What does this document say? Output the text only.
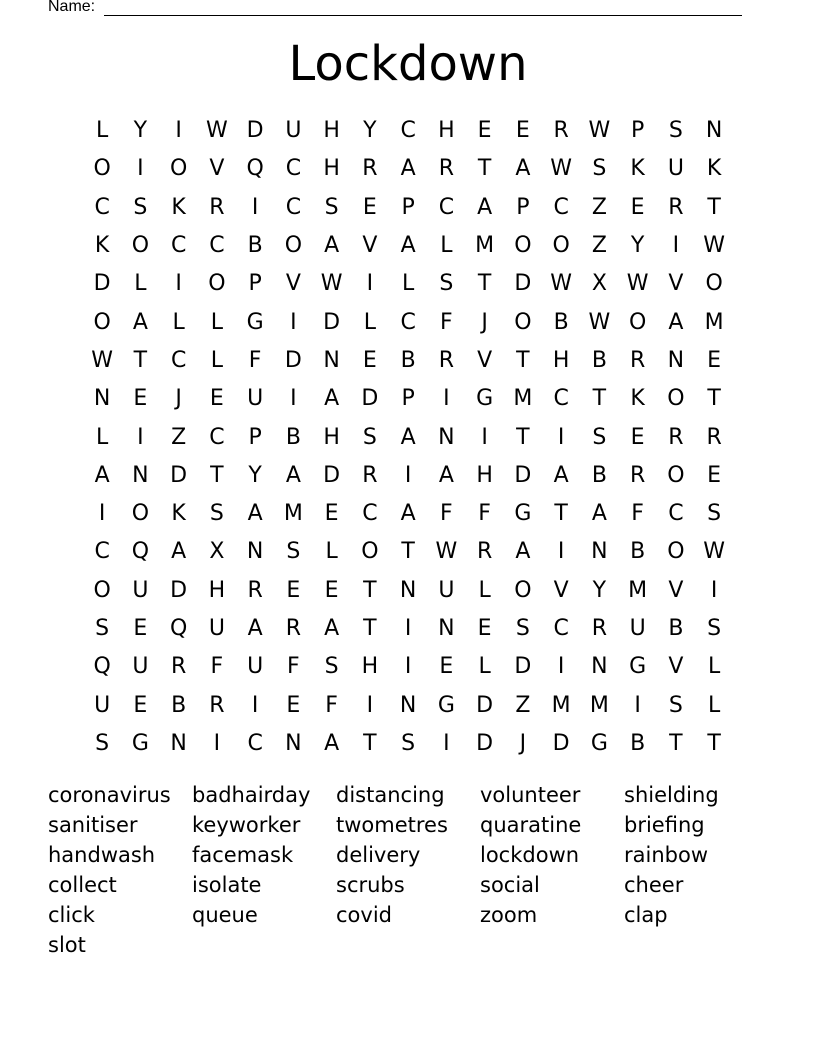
Name:
Lockdown
L	Y	I	W D U H	Y	C	H	E	E	R W P	S	N
O	I	O	V	Q C	H	R	A	R	T	A W S	K	U	K
C	S	K	R	I	C	S	E	P	C	A	P	C	Z	E	R	T
K	O C	C	B	O	A	V	A	L	M O O	Z	Y	I	W
D	L	I	O	P	V W	I	L	S	T	D W X W V	O
O	A	L	L	G	I	D	L	C	F	J	O	B W O	A M
W T	C	L	F	D N	E	B	R	V	T	H	B	R	N	E
N	E	J	E	U	I	A	D	P	I	G M C	T	K	O	T
L	I	Z	C	P	B	H	S	A	N	I	T	I	S	E	R	R
A	N D	T	Y	A	D	R	I	A	H D	A	B	R O	E
I	O	K	S	A M E	C	A	F	F	G	T	A	F	C	S
C Q	A	X	N	S	L	O	T W R	A	I	N	B	O W
O U D H	R	E	E	T	N U	L	O	V	Y	M V	I
S	E	Q U	A	R	A	T	I	N	E	S	C	R	U	B	S
Q U	R	F	U	F	S	H	I	E	L	D	I	N G	V	L
U	E	B	R	I	E	F	I	N G D	Z M M	I	S	L
S	G N	I	C	N	A	T	S	I	D	J	D G	B	T	T
coronavirus	badhairday	distancing	volunteer	shielding
sanitiser	keyworker	twometres	quaratine	briefing
handwash	facemask	delivery	lockdown	rainbow
collect	isolate	scrubs	social	cheer
click	queue	covid	zoom	clap
slot
